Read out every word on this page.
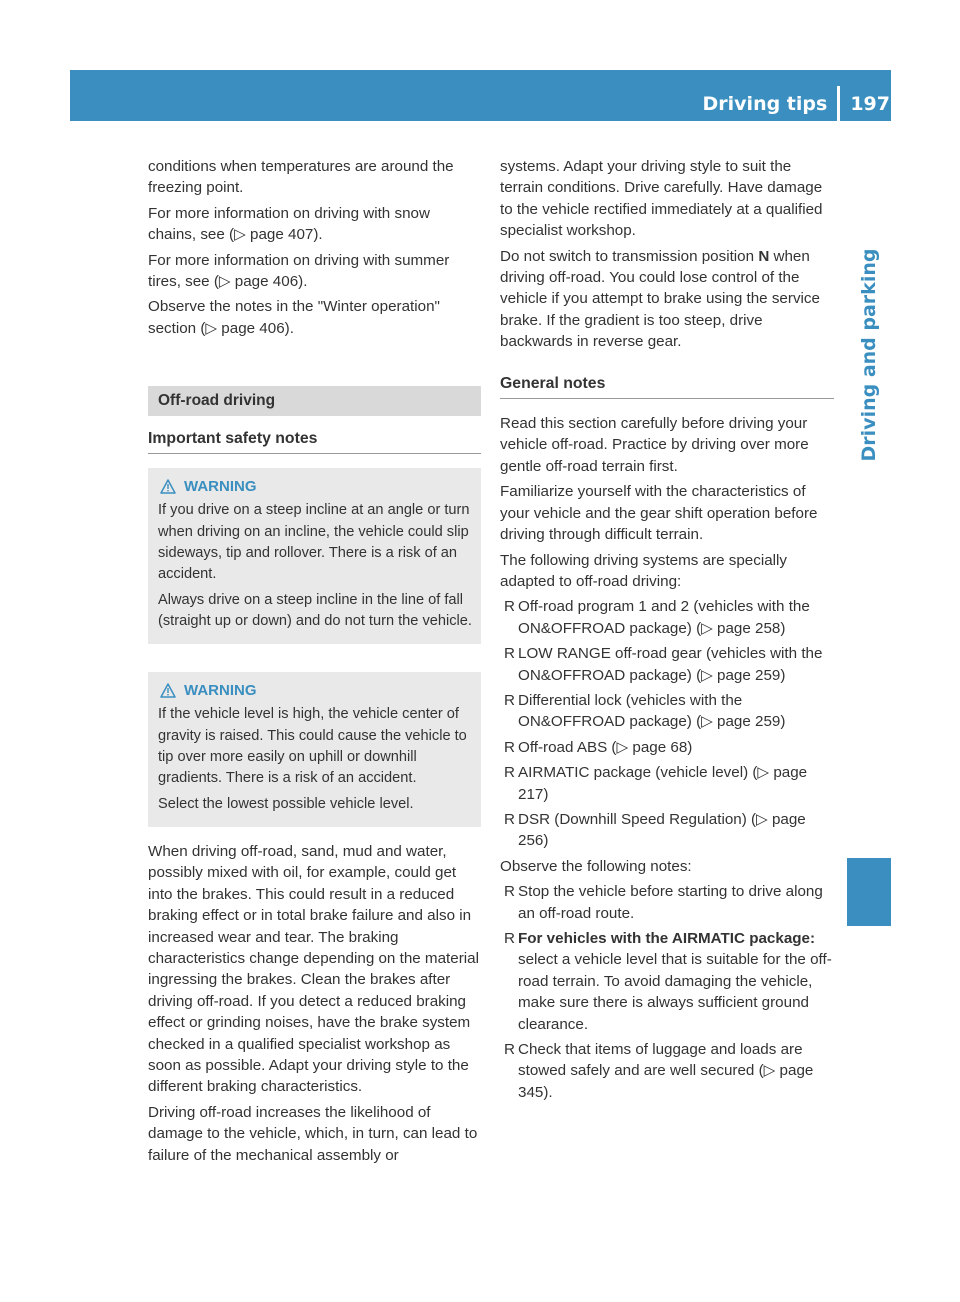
Driving tips	197
Driving and parking

conditions when temperatures are around the freezing point.

For more information on driving with snow chains, see (▷ page 407).

For more information on driving with summer tires, see (▷ page 406).

Observe the notes in the "Winter operation" section (▷ page 406).

Off-road driving
Important safety notes
WARNING

If you drive on a steep incline at an angle or turn when driving on an incline, the vehicle could slip sideways, tip and rollover. There is a risk of an accident.

Always drive on a steep incline in the line of fall (straight up or down) and do not turn the vehicle.

WARNING

If the vehicle level is high, the vehicle center of gravity is raised. This could cause the vehicle to tip over more easily on uphill or downhill gradients. There is a risk of an accident.

Select the lowest possible vehicle level.

When driving off-road, sand, mud and water, possibly mixed with oil, for example, could get into the brakes. This could result in a reduced braking effect or in total brake failure and also in increased wear and tear. The braking characteristics change depending on the material ingressing the brakes. Clean the brakes after driving off-road. If you detect a reduced braking effect or grinding noises, have the brake system checked in a qualified specialist workshop as soon as possible. Adapt your driving style to the different braking characteristics.

Driving off-road increases the likelihood of damage to the vehicle, which, in turn, can lead to failure of the mechanical assembly or

systems. Adapt your driving style to suit the terrain conditions. Drive carefully. Have damage to the vehicle rectified immediately at a qualified specialist workshop.

Do not switch to transmission position N when driving off-road. You could lose control of the vehicle if you attempt to brake using the service brake. If the gradient is too steep, drive backwards in reverse gear.

General notes

Read this section carefully before driving your vehicle off-road. Practice by driving over more gentle off-road terrain first.

Familiarize yourself with the characteristics of your vehicle and the gear shift operation before driving through difficult terrain.

The following driving systems are specially adapted to off-road driving:

R Off-road program 1 and 2 (vehicles with the ON&OFFROAD package) (▷ page 258)
R LOW RANGE off-road gear (vehicles with the ON&OFFROAD package) (▷ page 259)
R Differential lock (vehicles with the ON&OFFROAD package) (▷ page 259)
R Off-road ABS (▷ page 68)
R AIRMATIC package (vehicle level) (▷ page 217)
R DSR (Downhill Speed Regulation) (▷ page 256)

Observe the following notes:

R Stop the vehicle before starting to drive along an off-road route.
R For vehicles with the AIRMATIC package: select a vehicle level that is suitable for the off-road terrain. To avoid damaging the vehicle, make sure there is always sufficient ground clearance.
R Check that items of luggage and loads are stowed safely and are well secured (▷ page 345).
